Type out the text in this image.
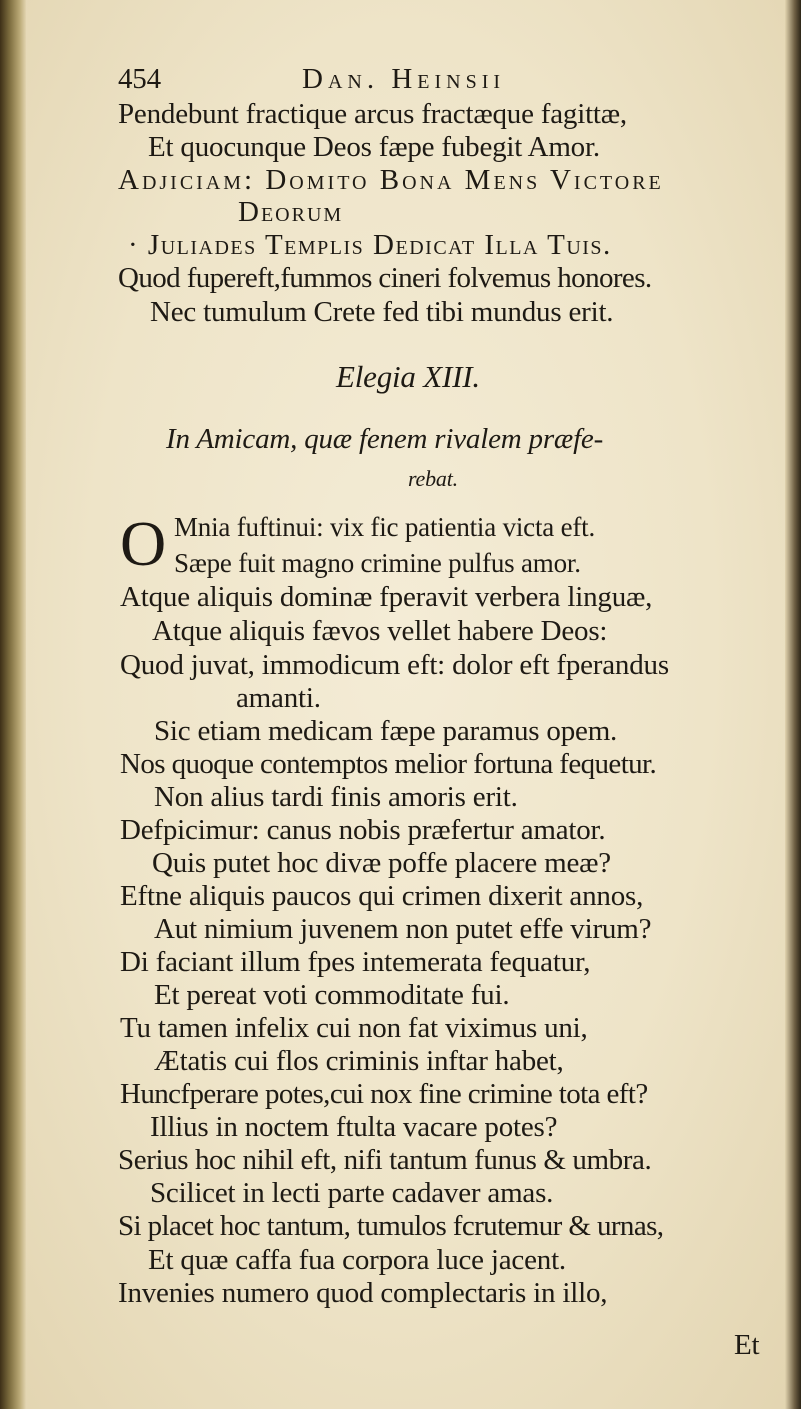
454	Dan. Heinsii
Pendebunt fractique arcus fractæque fagittæ,
Et quocunque Deos fæpe fubegit Amor.
Adjiciam: Domito Bona Mens Victore
Deorum
· Juliades Templis Dedicat Illa Tuis.
Quod fupereft,fummos cineri folvemus honores.
Nec tumulum Crete fed tibi mundus erit.
Elegia XIII.
In Amicam, quæ fenem rivalem præfe-
rebat.
O Mnia fuftinui: vix fic patientia victa eft.
Sæpe fuit magno crimine pulfus amor.
Atque aliquis dominæ fperavit verbera linguæ,
Atque aliquis fævos vellet habere Deos:
Quod juvat, immodicum eft: dolor eft fperandus
amanti.
Sic etiam medicam fæpe paramus opem.
Nos quoque contemptos melior fortuna fequetur.
Non alius tardi finis amoris erit.
Defpicimur: canus nobis præfertur amator.
Quis putet hoc divæ poffe placere meæ?
Eftne aliquis paucos qui crimen dixerit annos,
Aut nimium juvenem non putet effe virum?
Di faciant illum fpes intemerata fequatur,
Et pereat voti commoditate fui.
Tu tamen infelix cui non fat viximus uni,
Ætatis cui flos criminis inftar habet,
Huncfperare potes,cui nox fine crimine tota eft?
Illius in noctem ftulta vacare potes?
Serius hoc nihil eft, nifi tantum funus & umbra.
Scilicet in lecti parte cadaver amas.
Si placet hoc tantum, tumulos fcrutemur & urnas,
Et quæ caffa fua corpora luce jacent.
Invenies numero quod complectaris in illo,
Et
